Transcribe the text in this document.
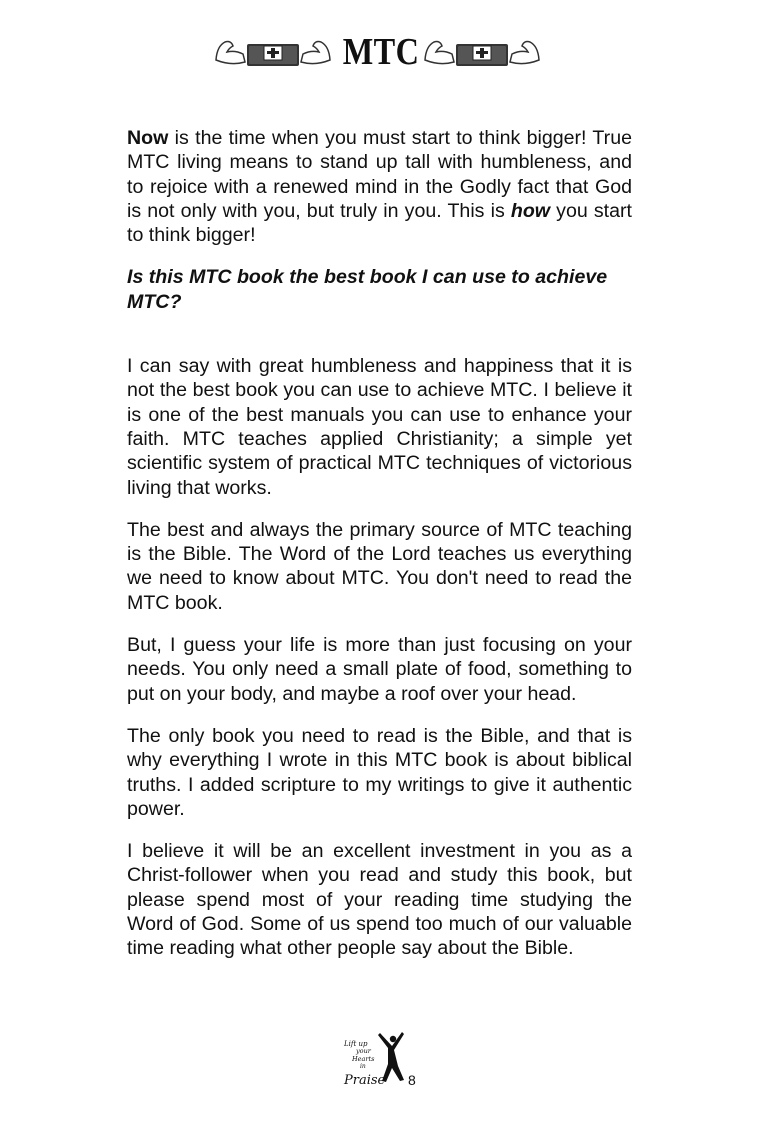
MTC

Now is the time when you must start to think bigger! True MTC living means to stand up tall with humbleness, and to rejoice with a renewed mind in the Godly fact that God is not only with you, but truly in you. This is how you start to think bigger!

Is this MTC book the best book I can use to achieve MTC?

I can say with great humbleness and happiness that it is not the best book you can use to achieve MTC. I believe it is one of the best manuals you can use to enhance your faith. MTC teaches applied Christianity; a simple yet scientific system of practical MTC techniques of victorious living that works.

The best and always the primary source of MTC teaching is the Bible. The Word of the Lord teaches us everything we need to know about MTC. You don't need to read the MTC book.

But, I guess your life is more than just focusing on your needs. You only need a small plate of food, something to put on your body, and maybe a roof over your head.

The only book you need to read is the Bible, and that is why everything I wrote in this MTC book is about biblical truths. I added scripture to my writings to give it authentic power.

I believe it will be an excellent investment in you as a Christ-follower when you read and study this book, but please spend most of your reading time studying the Word of God. Some of us spend too much of our valuable time reading what other people say about the Bible.

Lift up
your
Hearts
in
Praise 8
